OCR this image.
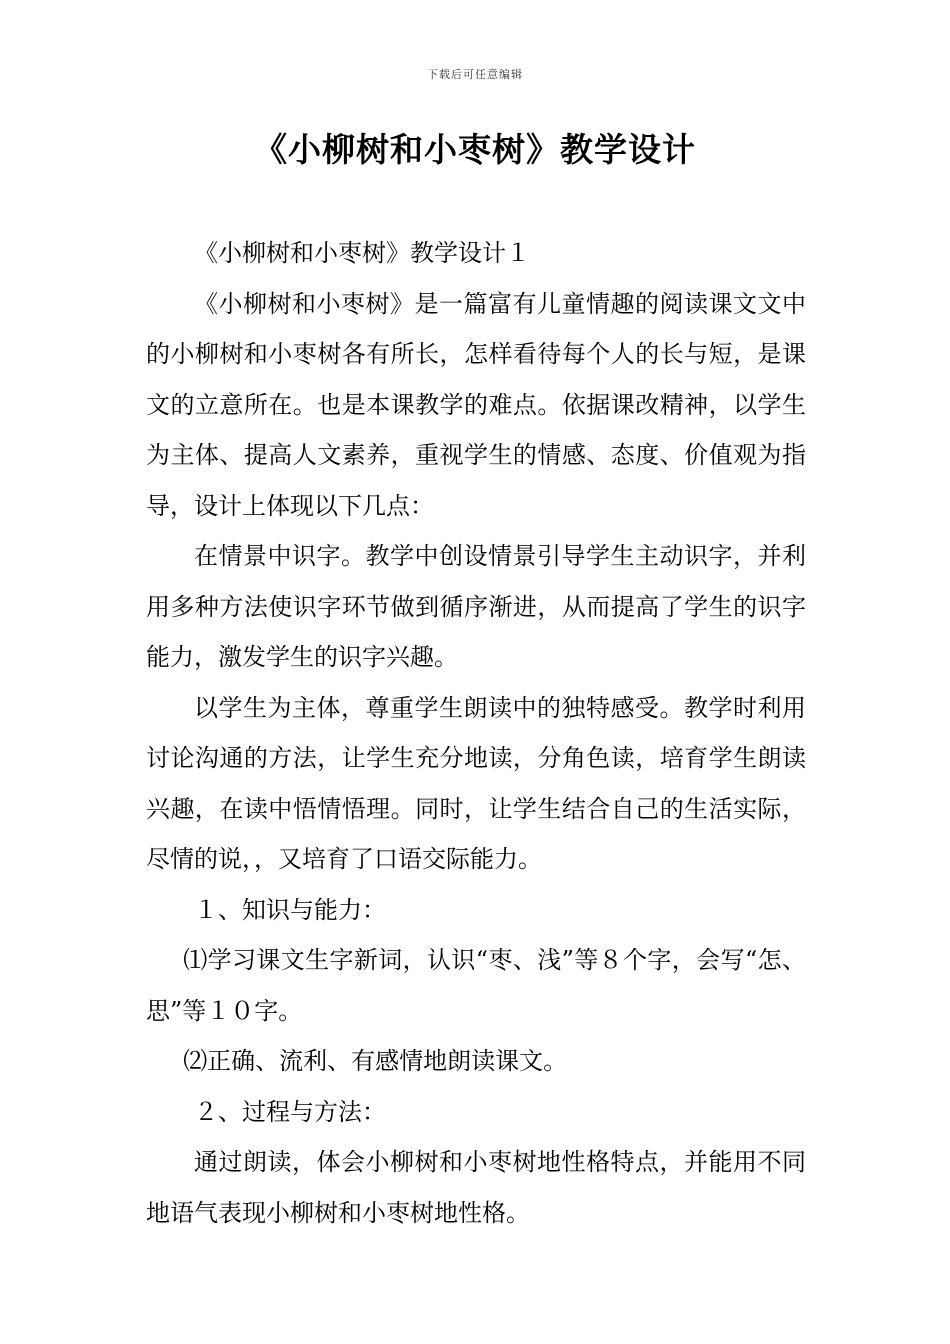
下载后可任意编辑
《小柳树和小枣树》教学设计

《小柳树和小枣树》教学设计１

《小柳树和小枣树》是一篇富有儿童情趣的阅读课文文中的小柳树和小枣树各有所长，怎样看待每个人的长与短，是课文的立意所在。也是本课教学的难点。依据课改精神，以学生为主体、提高人文素养，重视学生的情感、态度、价值观为指导，设计上体现以下几点：

在情景中识字。教学中创设情景引导学生主动识字，并利用多种方法使识字环节做到循序渐进，从而提高了学生的识字能力，激发学生的识字兴趣。

以学生为主体，尊重学生朗读中的独特感受。教学时利用讨论沟通的方法，让学生充分地读，分角色读，培育学生朗读兴趣，在读中悟情悟理。同时，让学生结合自己的生活实际，尽情的说，，又培育了口语交际能力。

１、知识与能力：

⑴学习课文生字新词，认识“枣、浅”等８个字，会写“怎、思”等１０字。

⑵正确、流利、有感情地朗读课文。

２、过程与方法：

通过朗读，体会小柳树和小枣树地性格特点，并能用不同地语气表现小柳树和小枣树地性格。
